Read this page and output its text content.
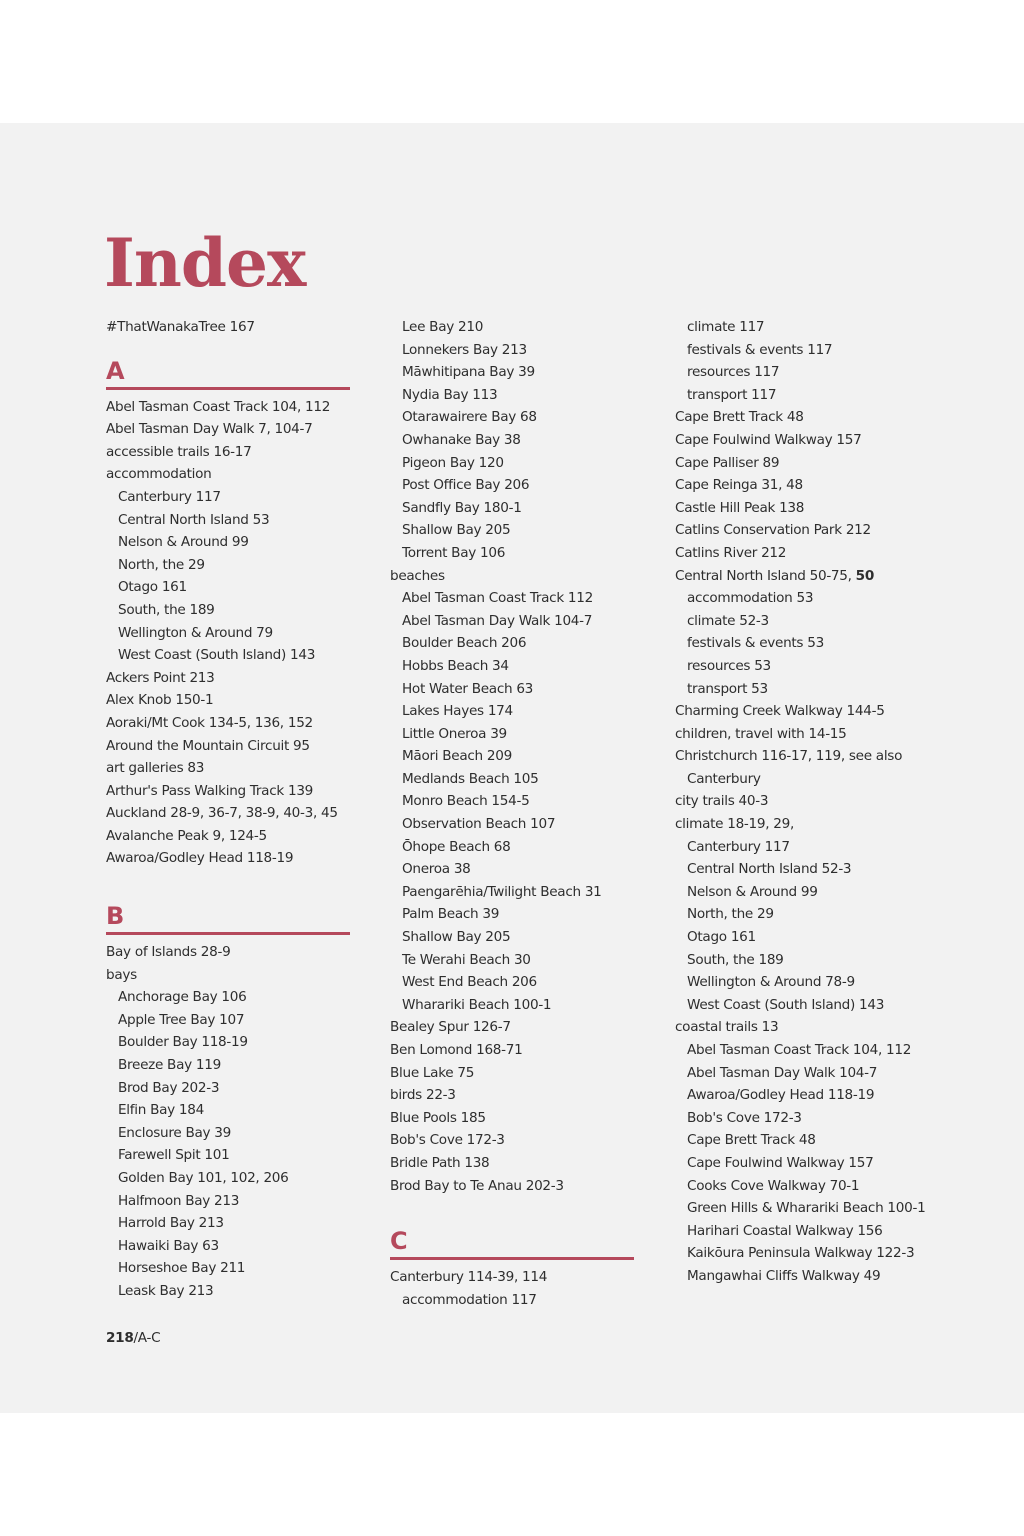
Index
#ThatWanakaTree 167
A
Abel Tasman Coast Track 104, 112
Abel Tasman Day Walk 7, 104-7
accessible trails 16-17
accommodation
Canterbury 117
Central North Island 53
Nelson & Around 99
North, the 29
Otago 161
South, the 189
Wellington & Around 79
West Coast (South Island) 143
Ackers Point 213
Alex Knob 150-1
Aoraki/Mt Cook 134-5, 136, 152
Around the Mountain Circuit 95
art galleries 83
Arthur's Pass Walking Track 139
Auckland 28-9, 36-7, 38-9, 40-3, 45
Avalanche Peak 9, 124-5
Awaroa/Godley Head 118-19
B
Bay of Islands 28-9
bays
Anchorage Bay 106
Apple Tree Bay 107
Boulder Bay 118-19
Breeze Bay 119
Brod Bay 202-3
Elfin Bay 184
Enclosure Bay 39
Farewell Spit 101
Golden Bay 101, 102, 206
Halfmoon Bay 213
Harrold Bay 213
Hawaiki Bay 63
Horseshoe Bay 211
Leask Bay 213
Lee Bay 210
Lonnekers Bay 213
Māwhitipana Bay 39
Nydia Bay 113
Otarawairere Bay 68
Owhanake Bay 38
Pigeon Bay 120
Post Office Bay 206
Sandfly Bay 180-1
Shallow Bay 205
Torrent Bay 106
beaches
Abel Tasman Coast Track 112
Abel Tasman Day Walk 104-7
Boulder Beach 206
Hobbs Beach 34
Hot Water Beach 63
Lakes Hayes 174
Little Oneroa 39
Māori Beach 209
Medlands Beach 105
Monro Beach 154-5
Observation Beach 107
Ōhope Beach 68
Oneroa 38
Paengarēhia/Twilight Beach 31
Palm Beach 39
Shallow Bay 205
Te Werahi Beach 30
West End Beach 206
Wharariki Beach 100-1
Bealey Spur 126-7
Ben Lomond 168-71
Blue Lake 75
birds 22-3
Blue Pools 185
Bob's Cove 172-3
Bridle Path 138
Brod Bay to Te Anau 202-3
C
Canterbury 114-39, 114
accommodation 117
climate 117
festivals & events 117
resources 117
transport 117
Cape Brett Track 48
Cape Foulwind Walkway 157
Cape Palliser 89
Cape Reinga 31, 48
Castle Hill Peak 138
Catlins Conservation Park 212
Catlins River 212
Central North Island 50-75, 50
accommodation 53
climate 52-3
festivals & events 53
resources 53
transport 53
Charming Creek Walkway 144-5
children, travel with 14-15
Christchurch 116-17, 119, see also
Canterbury
city trails 40-3
climate 18-19, 29,
Canterbury 117
Central North Island 52-3
Nelson & Around 99
North, the 29
Otago 161
South, the 189
Wellington & Around 78-9
West Coast (South Island) 143
coastal trails 13
Abel Tasman Coast Track 104, 112
Abel Tasman Day Walk 104-7
Awaroa/Godley Head 118-19
Bob's Cove 172-3
Cape Brett Track 48
Cape Foulwind Walkway 157
Cooks Cove Walkway 70-1
Green Hills & Wharariki Beach 100-1
Harihari Coastal Walkway 156
Kaikōura Peninsula Walkway 122-3
Mangawhai Cliffs Walkway 49
218/A-C
